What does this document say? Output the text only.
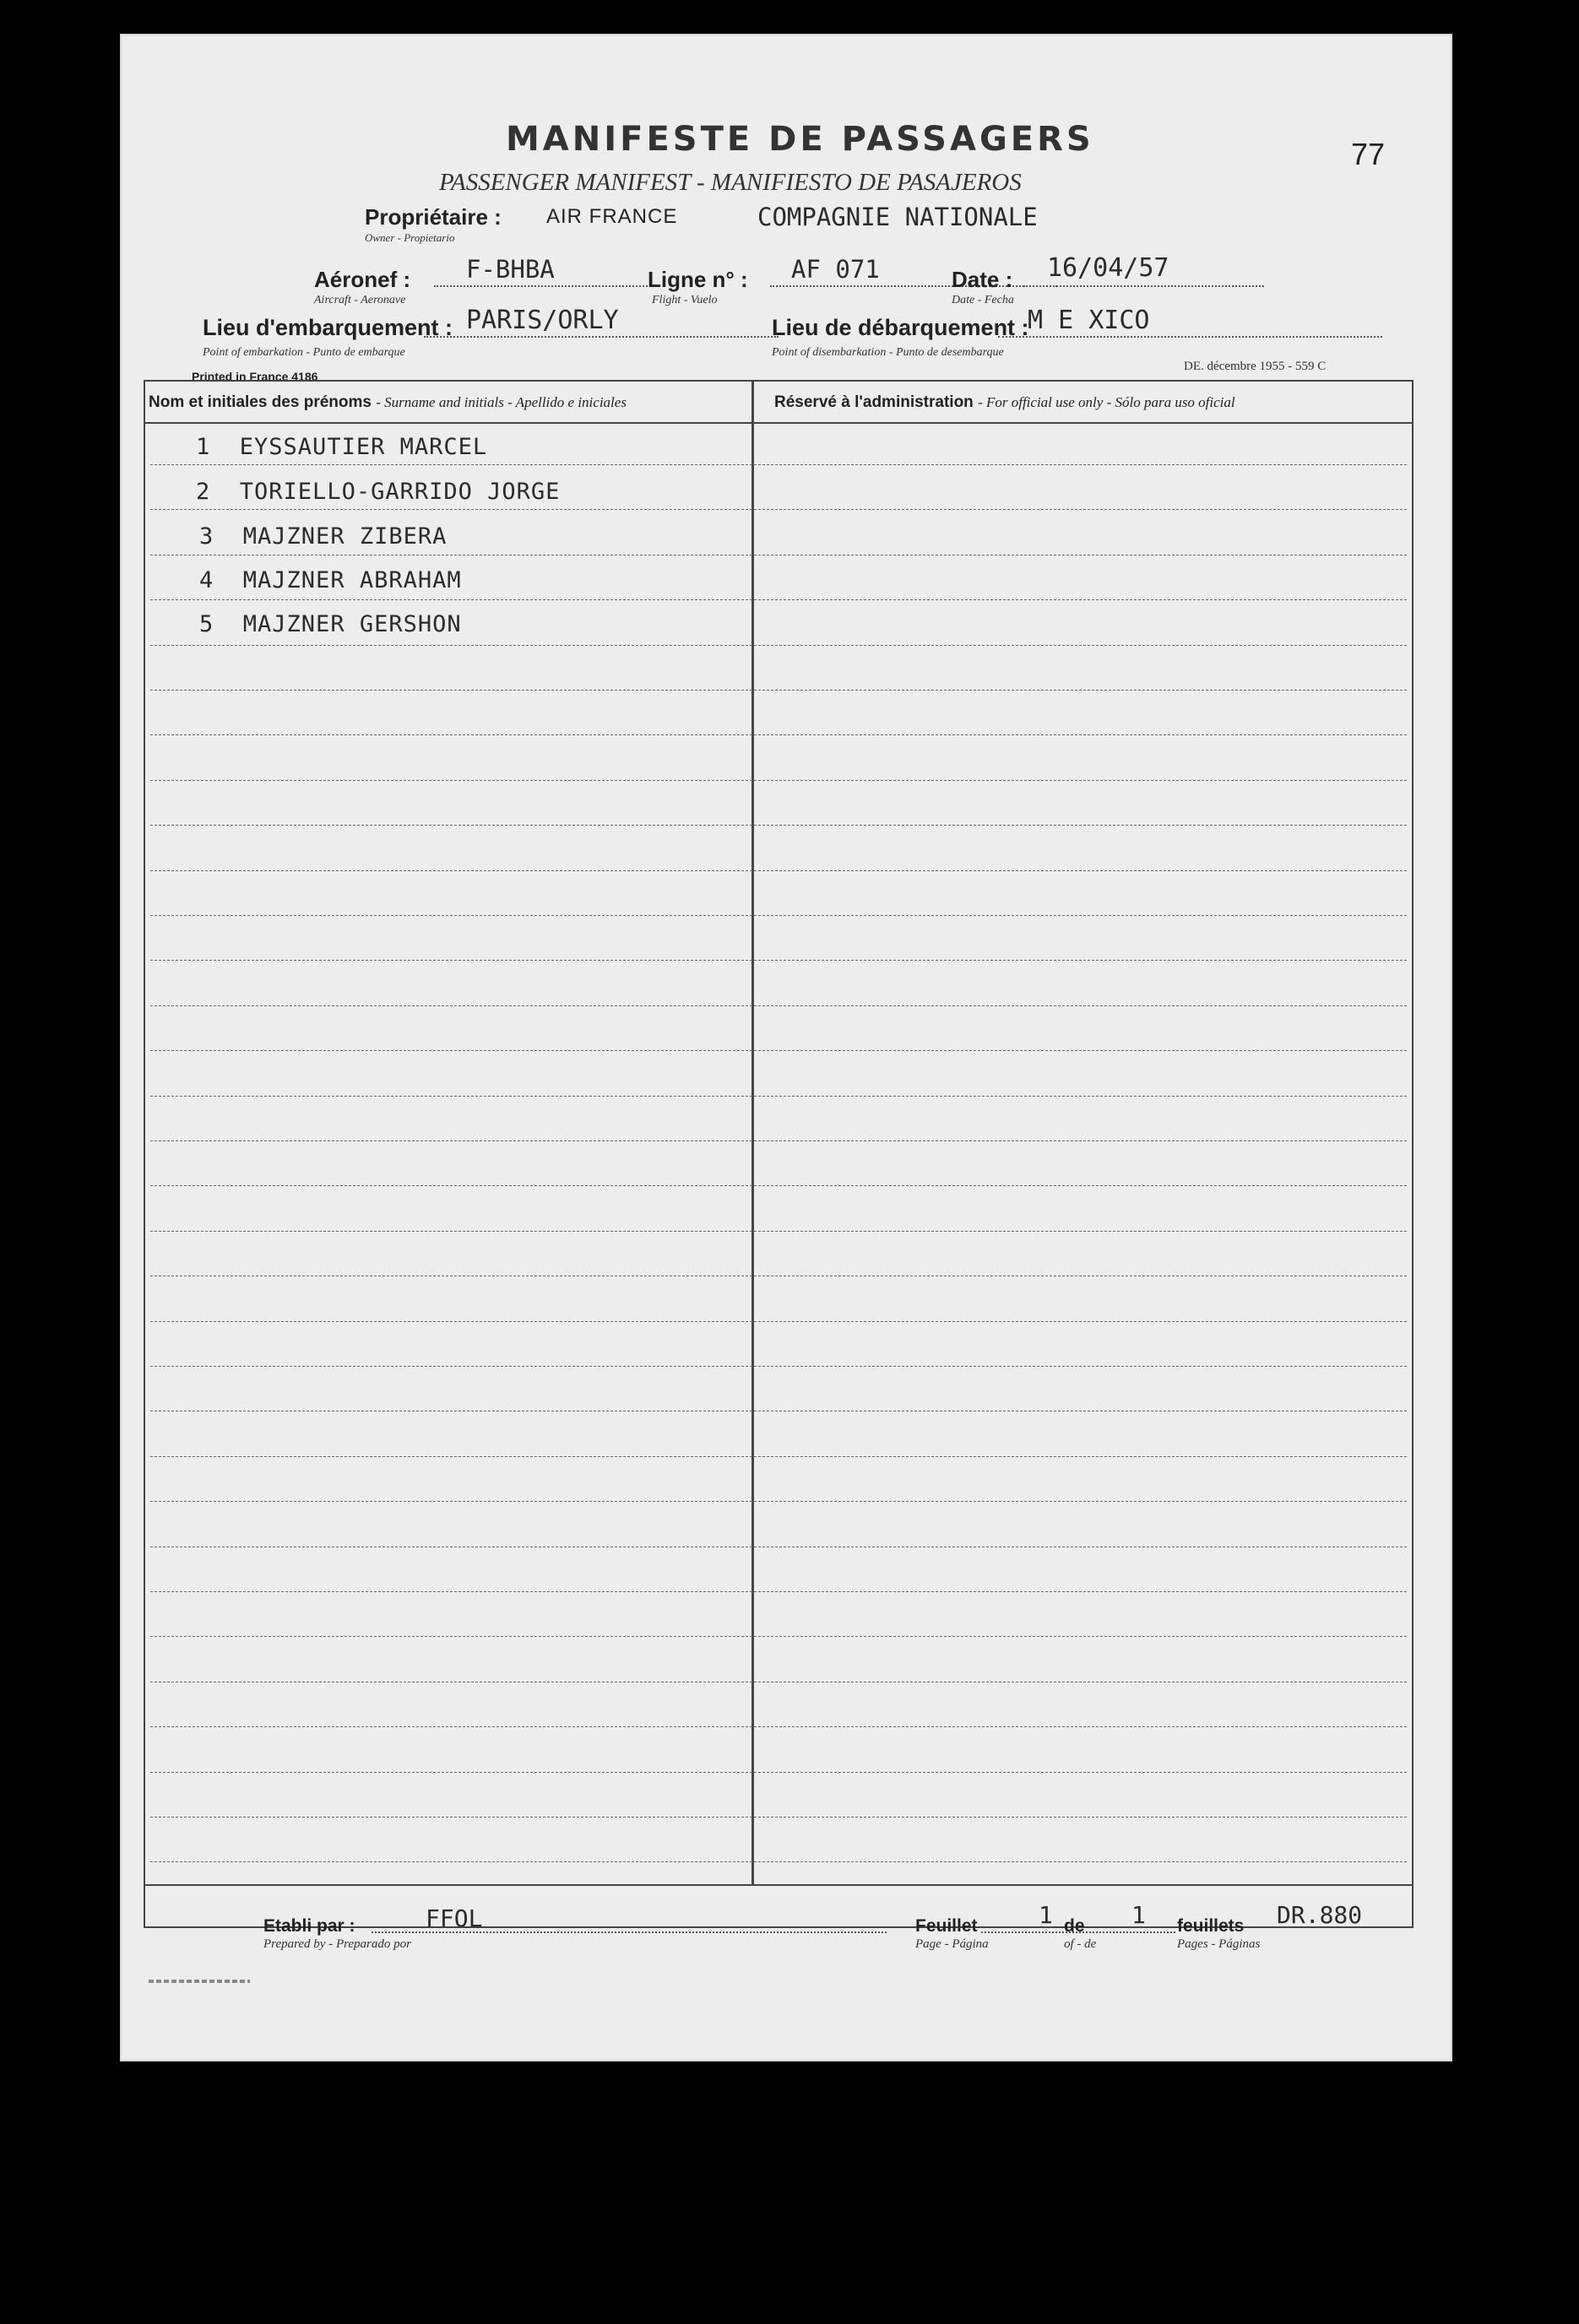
77
MANIFESTE DE PASSAGERS
PASSENGER MANIFEST - MANIFIESTO DE PASAJEROS
Propriétaire :
Owner - Propietario
AIR FRANCE	COMPAGNIE NATIONALE
Aéronef :
Aircraft - Aeronave
F-BHBA	Ligne n° :
Flight - Vuelo
AF 071	Date :
Date - Fecha
16/04/57
Lieu d'embarquement :
Point of embarkation - Punto de embarque
PARIS/ORLY	Lieu de débarquement :
Point of disembarkation - Punto de desembarque
M E XICO
Printed in France 4186
DE. décembre 1955 - 559 C
Nom et initiales des prénoms - Surname and initials - Apellido e iniciales	Réservé à l'administration - For official use only - Sólo para uso oficial
1 EYSSAUTIER MARCEL
2 TORIELLO-GARRIDO JORGE
3 MAJZNER ZIBERA
4 MAJZNER ABRAHAM
5 MAJZNER GERSHON
Etabli par :
Prepared by - Preparado por
FFOL	Feuillet	1 de 1 feuillets
Page - Página	of - de	Pages - Páginas
DR.880
